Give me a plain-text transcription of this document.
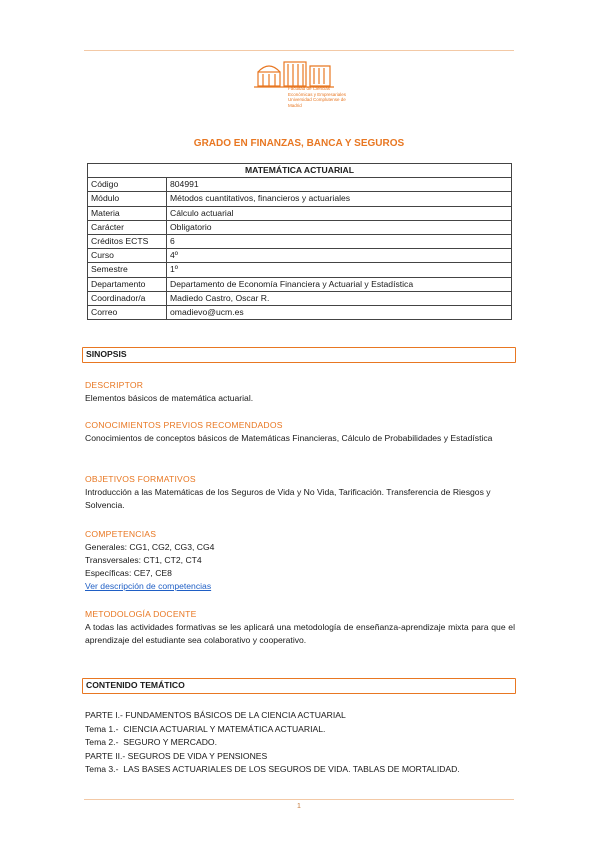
Facultad de Ciencias
Económicas y Empresariales
Universidad Complutense de Madrid
GRADO EN FINANZAS, BANCA Y SEGUROS
MATEMÁTICA ACTUARIAL	
Código	804991
Módulo	Métodos cuantitativos, financieros y actuariales
Materia	Cálculo actuarial
Carácter	Obligatorio
Créditos ECTS	6
Curso	4º
Semestre	1º
Departamento	Departamento de Economía Financiera y Actuarial y Estadística
Coordinador/a	Madiedo Castro, Oscar R.
Correo	omadievo@ucm.es
SINOPSIS

DESCRIPTOR

Elementos básicos de matemática actuarial.

CONOCIMIENTOS PREVIOS RECOMENDADOS

Conocimientos de conceptos básicos de Matemáticas Financieras, Cálculo de Probabilidades y Estadística

OBJETIVOS FORMATIVOS

Introducción a las Matemáticas de los Seguros de Vida y No Vida, Tarificación. Transferencia de Riesgos y Solvencia.

COMPETENCIAS

Generales: CG1, CG2, CG3, CG4

Transversales: CT1, CT2, CT4

Específicas: CE7, CE8

Ver descripción de competencias

METODOLOGÍA DOCENTE

A todas las actividades formativas se les aplicará una metodología de enseñanza-aprendizaje mixta para que el aprendizaje del estudiante sea colaborativo y cooperativo.

CONTENIDO TEMÁTICO

PARTE I.- FUNDAMENTOS BÁSICOS DE LA CIENCIA ACTUARIAL

Tema 1.- CIENCIA ACTUARIAL Y MATEMÁTICA ACTUARIAL.

Tema 2.- SEGURO Y MERCADO.

PARTE II.- SEGUROS DE VIDA Y PENSIONES

Tema 3.- LAS BASES ACTUARIALES DE LOS SEGUROS DE VIDA. TABLAS DE MORTALIDAD.

1
